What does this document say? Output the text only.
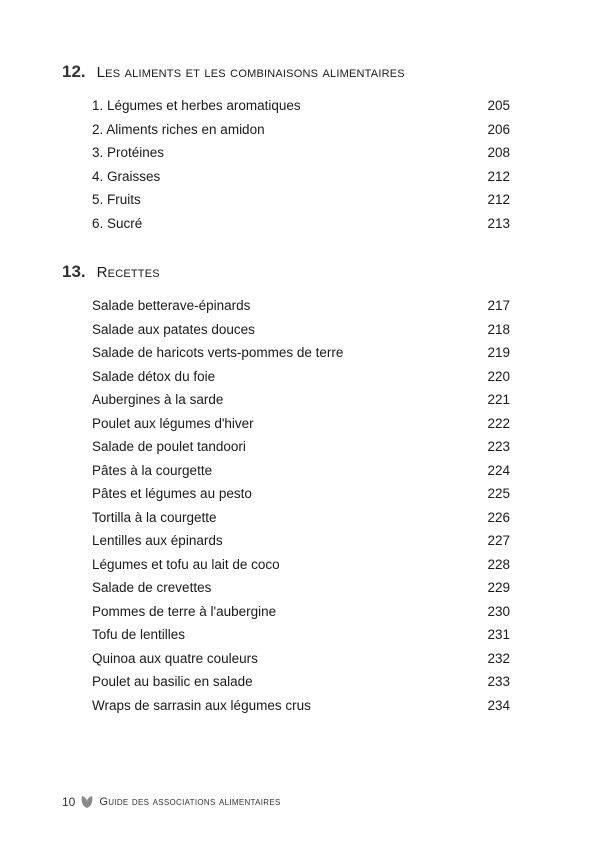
12. Les aliments et les combinaisons alimentaires
1. Légumes et herbes aromatiques	205
2. Aliments riches en amidon	206
3. Protéines	208
4. Graisses	212
5. Fruits	212
6. Sucré	213
13. Recettes
Salade betterave-épinards	217
Salade aux patates douces	218
Salade de haricots verts-pommes de terre	219
Salade détox du foie	220
Aubergines à la sarde	221
Poulet aux légumes d'hiver	222
Salade de poulet tandoori	223
Pâtes à la courgette	224
Pâtes et légumes au pesto	225
Tortilla à la courgette	226
Lentilles aux épinards	227
Légumes et tofu au lait de coco	228
Salade de crevettes	229
Pommes de terre à l'aubergine	230
Tofu de lentilles	231
Quinoa aux quatre couleurs	232
Poulet au basilic en salade	233
Wraps de sarrasin aux légumes crus	234
10 Guide des associations alimentaires
